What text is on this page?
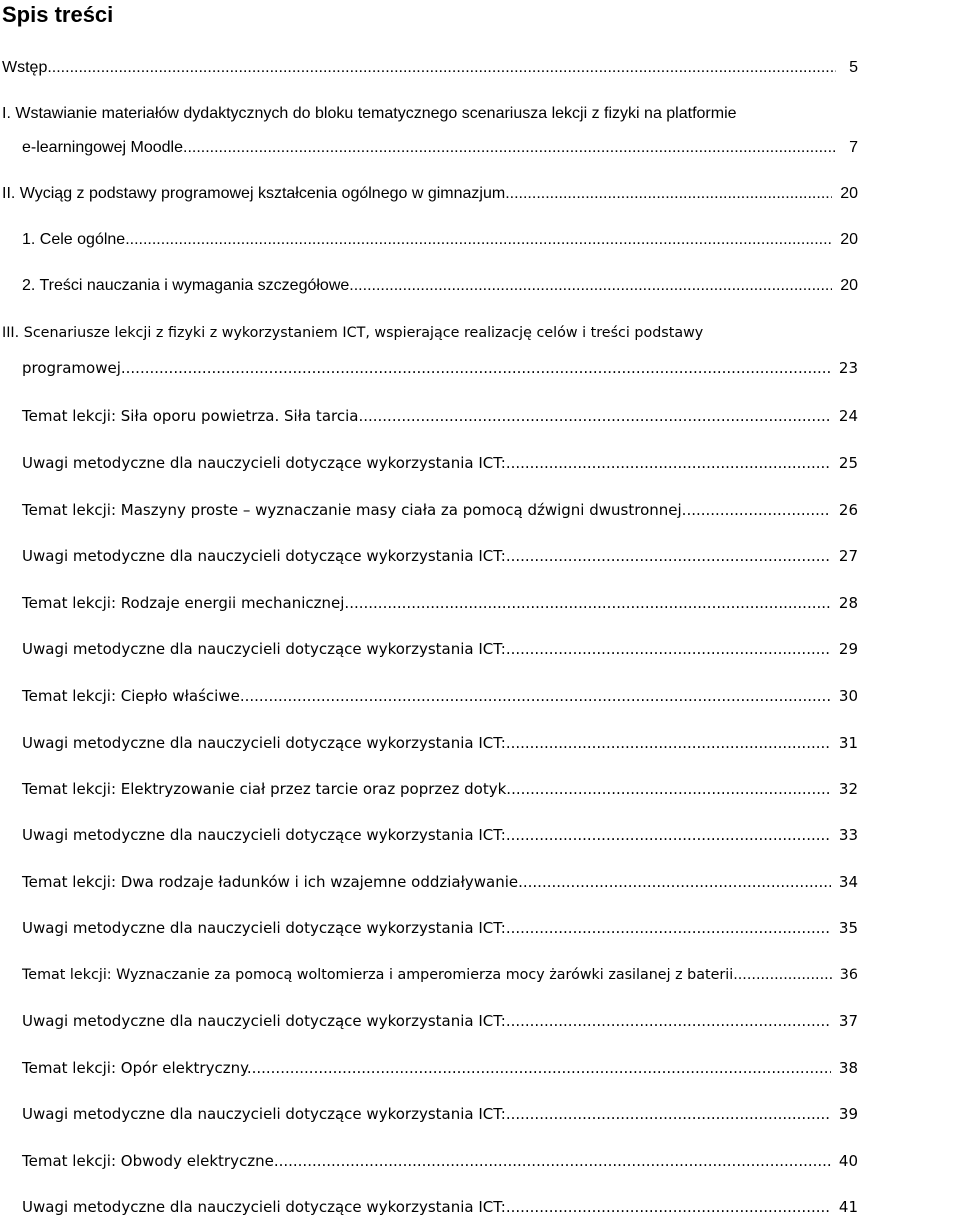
Spis treści
Wstęp .....	5
I. Wstawianie materiałów dydaktycznych do bloku tematycznego scenariusza lekcji z fizyki na platformie
e-learningowej Moodle. .....	7
II. Wyciąg z podstawy programowej kształcenia ogólnego w gimnazjum. .....	20
1. Cele ogólne .....	20
2. Treści nauczania i wymagania szczegółowe .....	20
III. Scenariusze lekcji z fizyki z wykorzystaniem ICT, wspierające realizację celów i treści podstawy
programowej. .....	23
Temat lekcji: Siła oporu powietrza. Siła tarcia .....	24
Uwagi metodyczne dla nauczycieli dotyczące wykorzystania ICT: .....	25
Temat lekcji: Maszyny proste – wyznaczanie masy ciała za pomocą dźwigni dwustronnej. .....	26
Uwagi metodyczne dla nauczycieli dotyczące wykorzystania ICT: .....	27
Temat lekcji: Rodzaje energii mechanicznej. .....	28
Uwagi metodyczne dla nauczycieli dotyczące wykorzystania ICT: .....	29
Temat lekcji: Ciepło właściwe. .....	30
Uwagi metodyczne dla nauczycieli dotyczące wykorzystania ICT: .....	31
Temat lekcji: Elektryzowanie ciał przez tarcie oraz poprzez dotyk. .....	32
Uwagi metodyczne dla nauczycieli dotyczące wykorzystania ICT: .....	33
Temat lekcji: Dwa rodzaje ładunków i ich wzajemne oddziaływanie. .....	34
Uwagi metodyczne dla nauczycieli dotyczące wykorzystania ICT: .....	35
Temat lekcji: Wyznaczanie za pomocą woltomierza i amperomierza mocy żarówki zasilanej z baterii. .....	36
Uwagi metodyczne dla nauczycieli dotyczące wykorzystania ICT: .....	37
Temat lekcji: Opór elektryczny. .....	38
Uwagi metodyczne dla nauczycieli dotyczące wykorzystania ICT: .....	39
Temat lekcji: Obwody elektryczne. .....	40
Uwagi metodyczne dla nauczycieli dotyczące wykorzystania ICT: .....	41
